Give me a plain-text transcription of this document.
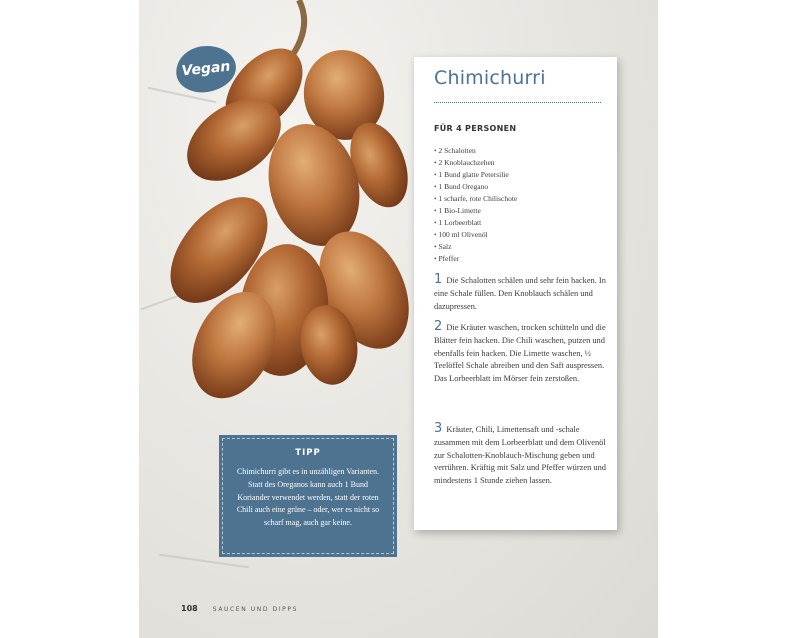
Vegan	Chimichurri
FÜR 4 PERSONEN
• 2 Schalotten
• 2 Knoblauchzehen
• 1 Bund glatte Petersilie
• 1 Bund Oregano
• 1 scharfe, rote Chilischote
• 1 Bio-Limette
• 1 Lorbeerblatt
• 100 ml Olivenöl
• Salz
• Pfeffer
1 Die Schalotten schälen und sehr fein hacken. In eine Schale füllen. Den Knoblauch schälen und dazupressen.
2 Die Kräuter waschen, trocken schütteln und die Blätter fein hacken. Die Chili waschen, putzen und ebenfalls fein hacken. Die Limette waschen, ½ Teelöffel Schale abreiben und den Saft auspressen. Das Lorbeerblatt im Mörser fein zerstoßen.
3 Kräuter, Chili, Limettensaft und -schale zusammen mit dem Lorbeerblatt und dem Olivenöl zur Schalotten-Knoblauch-Mischung geben und verrühren. Kräftig mit Salz und Pfeffer würzen und mindestens 1 Stunde ziehen lassen.
TIPP
Chimichurri gibt es in unzähligen Varianten. Statt des Oreganos kann auch 1 Bund Koriander verwendet werden, statt der roten Chili auch eine grüne – oder, wer es nicht so scharf mag, auch gar keine.
108	SAUCEN UND DIPPS
